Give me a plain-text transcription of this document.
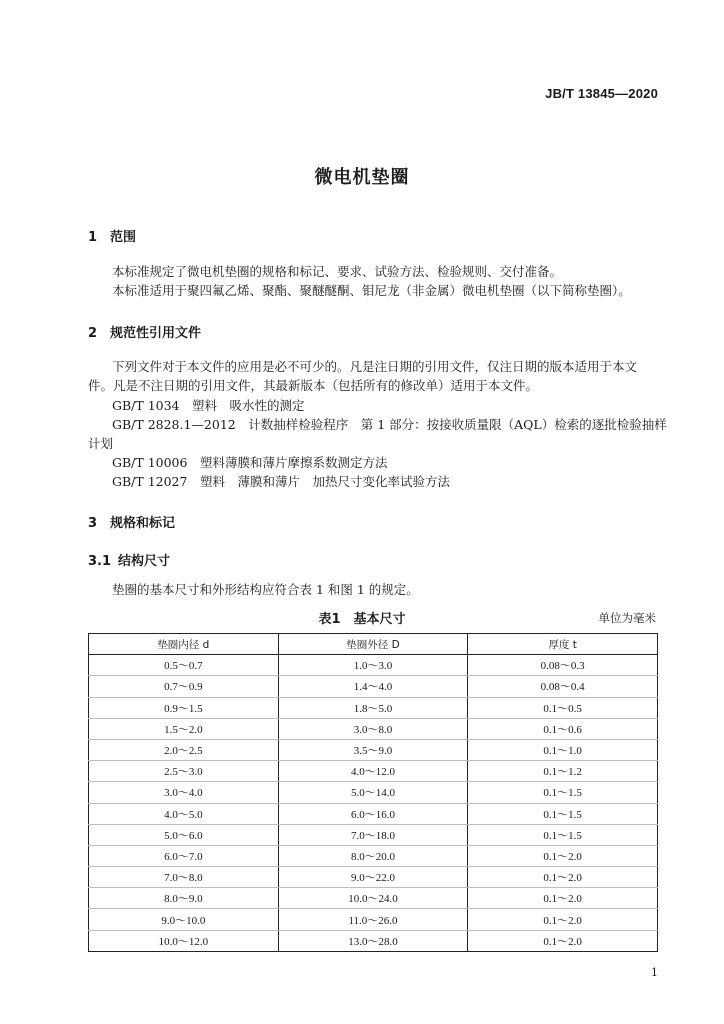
JB/T 13845—2020
微电机垫圈
1 范围
本标准规定了微电机垫圈的规格和标记、要求、试验方法、检验规则、交付准备。
本标准适用于聚四氟乙烯、聚酯、聚醚醚酮、钼尼龙（非金属）微电机垫圈（以下简称垫圈）。
2 规范性引用文件
下列文件对于本文件的应用是必不可少的。凡是注日期的引用文件，仅注日期的版本适用于本文
件。凡是不注日期的引用文件，其最新版本（包括所有的修改单）适用于本文件。
GB/T 1034　塑料　吸水性的测定
GB/T 2828.1—2012　计数抽样检验程序　第 1 部分：按接收质量限（AQL）检索的逐批检验抽样
计划
GB/T 10006　塑料薄膜和薄片摩擦系数测定方法
GB/T 12027　塑料　薄膜和薄片　加热尺寸变化率试验方法
3 规格和标记
3.1 结构尺寸
垫圈的基本尺寸和外形结构应符合表 1 和图 1 的规定。
表1　基本尺寸	单位为毫米
垫圈内径 d	垫圈外径 D	厚度 t
0.5～0.7	1.0～3.0	0.08～0.3
0.7～0.9	1.4～4.0	0.08～0.4
0.9～1.5	1.8～5.0	0.1～0.5
1.5～2.0	3.0～8.0	0.1～0.6
2.0～2.5	3.5～9.0	0.1～1.0
2.5～3.0	4.0～12.0	0.1～1.2
3.0～4.0	5.0～14.0	0.1～1.5
4.0～5.0	6.0～16.0	0.1～1.5
5.0～6.0	7.0～18.0	0.1～1.5
6.0～7.0	8.0～20.0	0.1～2.0
7.0～8.0	9.0～22.0	0.1～2.0
8.0～9.0	10.0～24.0	0.1～2.0
9.0～10.0	11.0～26.0	0.1～2.0
10.0～12.0	13.0～28.0	0.1～2.0
1
